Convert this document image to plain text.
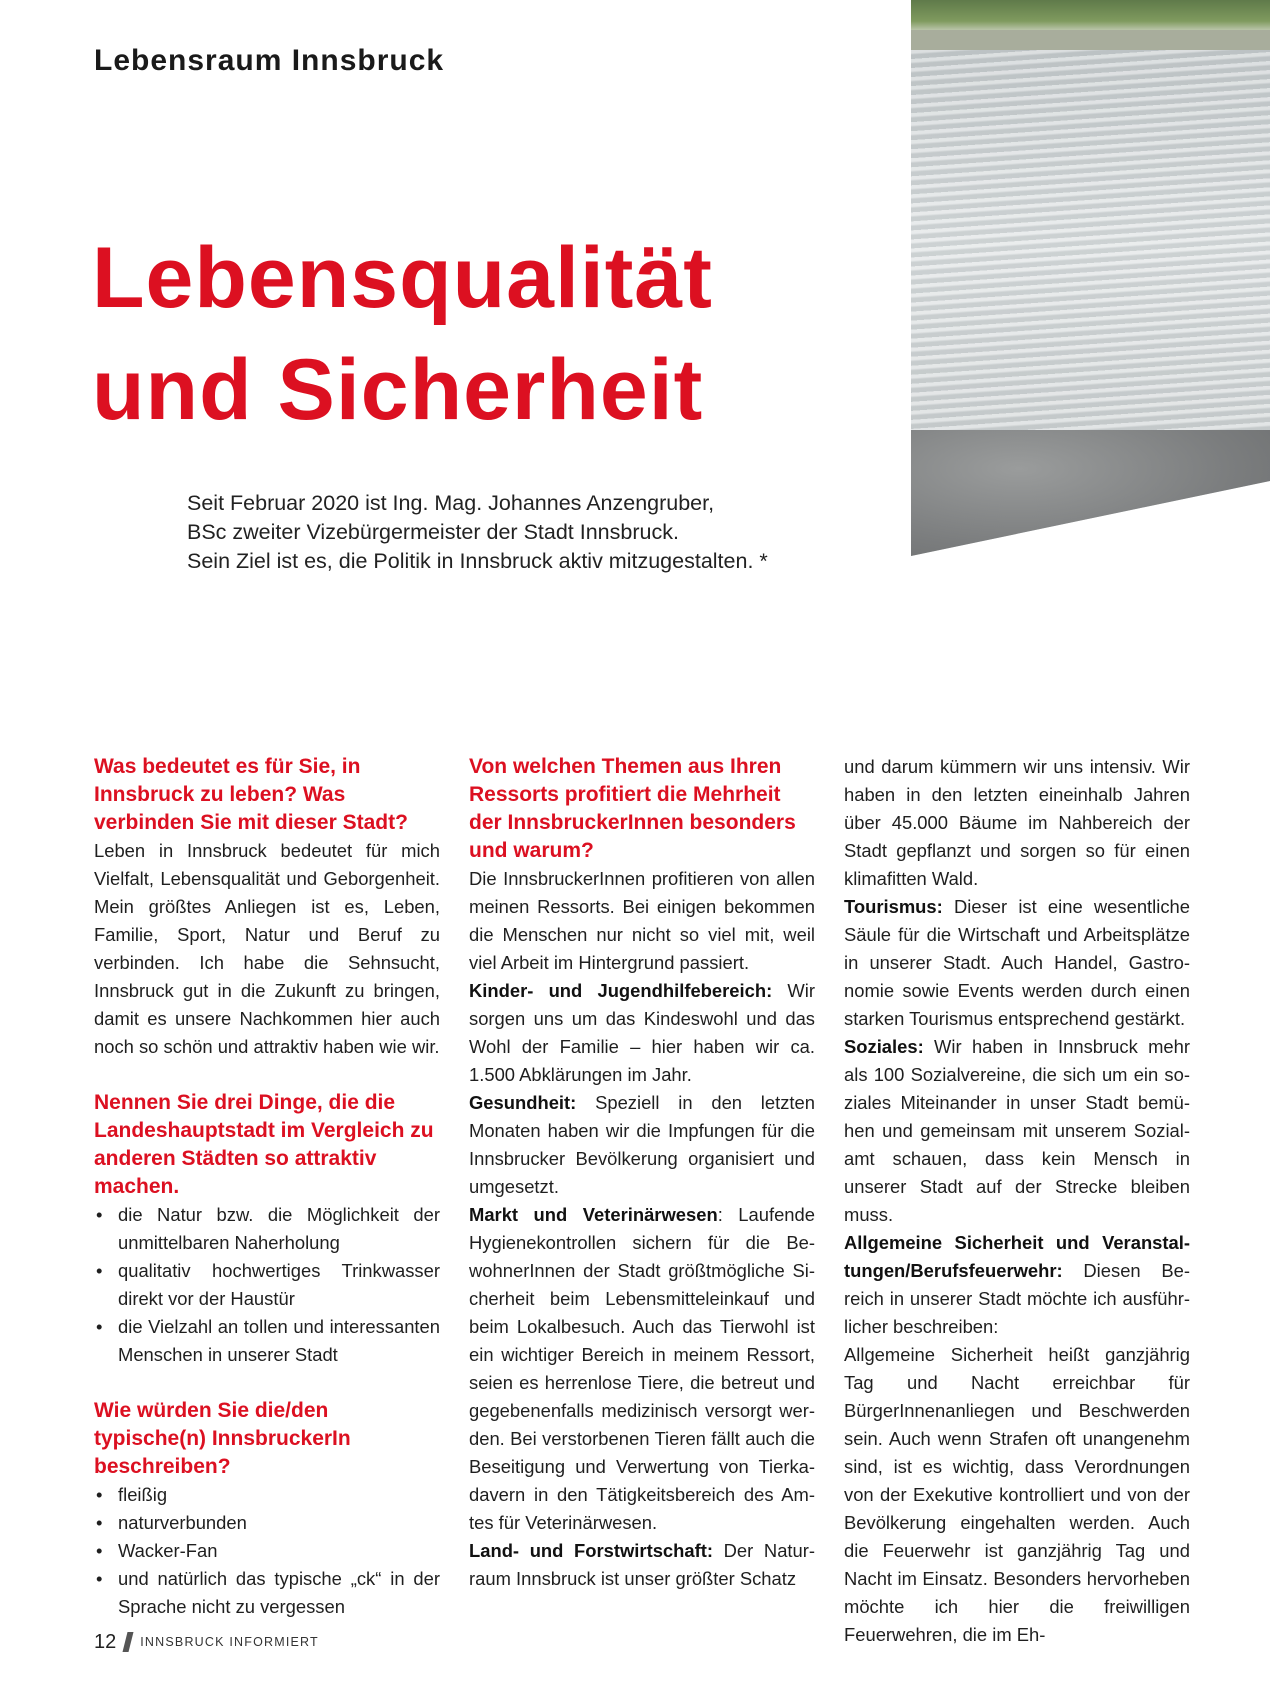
Lebensraum Innsbruck
Lebensqualität
und Sicherheit
Seit Februar 2020 ist Ing. Mag. Johannes Anzengruber,
BSc zweiter Vizebürgermeister der Stadt Innsbruck.
Sein Ziel ist es, die Politik in Innsbruck aktiv mitzugestalten. *

Was bedeutet es für Sie, in Innsbruck zu leben? Was verbinden Sie mit dieser Stadt?

Leben in Innsbruck bedeutet für mich Vielfalt, Lebensqualität und Geborgenheit. Mein größtes Anliegen ist es, Leben, Familie, Sport, Natur und Beruf zu verbinden. Ich habe die Sehnsucht, Innsbruck gut in die Zukunft zu bringen, damit es unsere Nachkommen hier auch noch so schön und attraktiv haben wie wir.

Nennen Sie drei Dinge, die die Landeshauptstadt im Vergleich zu anderen Städten so attraktiv machen.

• die Natur bzw. die Möglichkeit der unmittelbaren Naherholung
• qualitativ hochwertiges Trinkwasser direkt vor der Haustür
• die Vielzahl an tollen und interessanten Menschen in unserer Stadt

Wie würden Sie die/den typische(n) InnsbruckerIn beschreiben?

• fleißig
• naturverbunden
• Wacker-Fan
• und natürlich das typische „ck“ in der Sprache nicht zu vergessen

Von welchen Themen aus Ihren Ressorts profitiert die Mehrheit der InnsbruckerInnen besonders und warum?

Die InnsbruckerInnen profitieren von allen meinen Ressorts. Bei einigen bekommen die Menschen nur nicht so viel mit, weil viel Arbeit im Hintergrund passiert.

Kinder- und Jugendhilfebereich: Wir sorgen uns um das Kindeswohl und das Wohl der Familie – hier haben wir ca. 1.500 Abklärungen im Jahr.

Gesundheit: Speziell in den letzten Monaten haben wir die Impfungen für die Innsbrucker Bevölkerung organisiert und umgesetzt.

Markt und Veterinärwesen: Laufende Hygienekontrollen sichern für die BewohnerInnen der Stadt größtmögliche Sicherheit beim Lebensmitteleinkauf und beim Lokalbesuch. Auch das Tierwohl ist ein wichtiger Bereich in meinem Ressort, seien es herrenlose Tiere, die betreut und gegebenenfalls medizinisch versorgt werden. Bei verstorbenen Tieren fällt auch die Beseitigung und Verwertung von Tierkadavern in den Tätigkeitsbereich des Amtes für Veterinärwesen.

Land- und Forstwirtschaft: Der Naturraum Innsbruck ist unser größter Schatz

und darum kümmern wir uns intensiv. Wir haben in den letzten eineinhalb Jahren über 45.000 Bäume im Nahbereich der Stadt gepflanzt und sorgen so für einen klimafitten Wald.

Tourismus: Dieser ist eine wesentliche Säule für die Wirtschaft und Arbeitsplätze in unserer Stadt. Auch Handel, Gastronomie sowie Events werden durch einen starken Tourismus entsprechend gestärkt.

Soziales: Wir haben in Innsbruck mehr als 100 Sozialvereine, die sich um ein soziales Miteinander in unser Stadt bemühen und gemeinsam mit unserem Sozialamt schauen, dass kein Mensch in unserer Stadt auf der Strecke bleiben muss.

Allgemeine Sicherheit und Veranstaltungen/Berufsfeuerwehr: Diesen Bereich in unserer Stadt möchte ich ausführlicher beschreiben:

Allgemeine Sicherheit heißt ganzjährig Tag und Nacht erreichbar für BürgerInnenanliegen und Beschwerden sein. Auch wenn Strafen oft unangenehm sind, ist es wichtig, dass Verordnungen von der Exekutive kontrolliert und von der Bevölkerung eingehalten werden. Auch die Feuerwehr ist ganzjährig Tag und Nacht im Einsatz. Besonders hervorheben möchte ich hier die freiwilligen Feuerwehren, die im Eh-

12 INNSBRUCK INFORMIERT
